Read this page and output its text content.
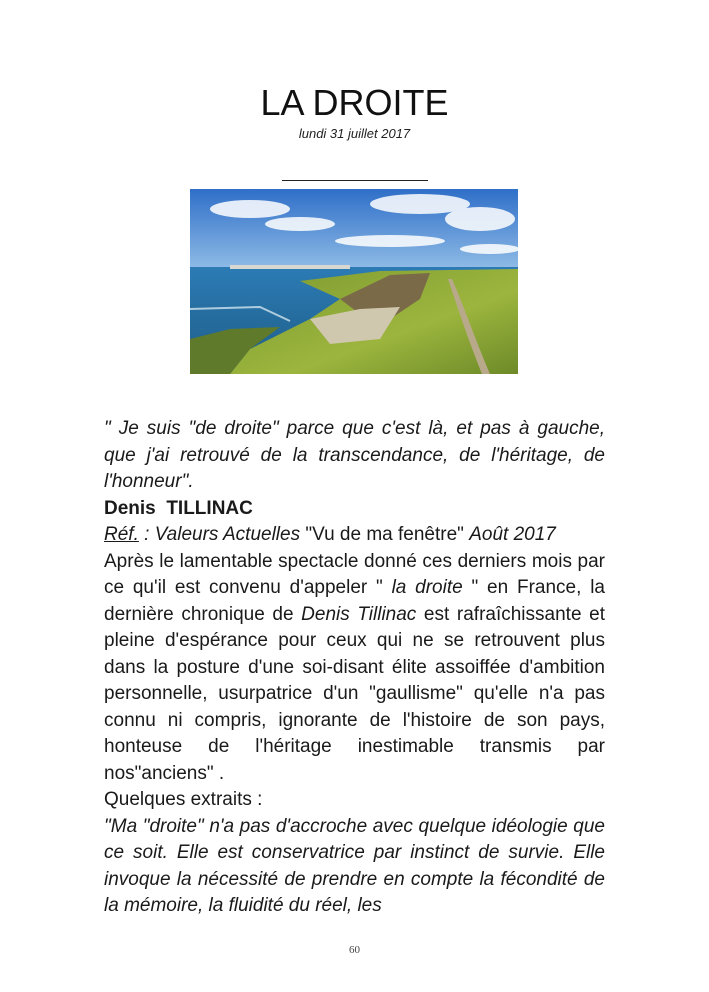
LA DROITE
lundi 31 juillet 2017

" Je suis "de droite" parce que c'est là, et pas à gauche, que j'ai retrouvé de la transcendance, de l'héritage, de l'honneur".

Denis TILLINAC

Réf. : Valeurs Actuelles "Vu de ma fenêtre" Août 2017

Après le lamentable spectacle donné ces derniers mois par ce qu'il est convenu d'appeler " la droite " en France, la dernière chronique de Denis Tillinac est rafraîchissante et pleine d'espérance pour ceux qui ne se retrouvent plus dans la posture d'une soi-disant élite assoiffée d'ambition personnelle, usurpatrice d'un "gaullisme" qu'elle n'a pas connu ni compris, ignorante de l'histoire de son pays, honteuse de l'héritage inestimable transmis par nos"anciens" .

Quelques extraits :

"Ma "droite" n'a pas d'accroche avec quelque idéologie que ce soit. Elle est conservatrice par instinct de survie. Elle invoque la nécessité de prendre en compte la fécondité de la mémoire, la fluidité du réel, les

60
